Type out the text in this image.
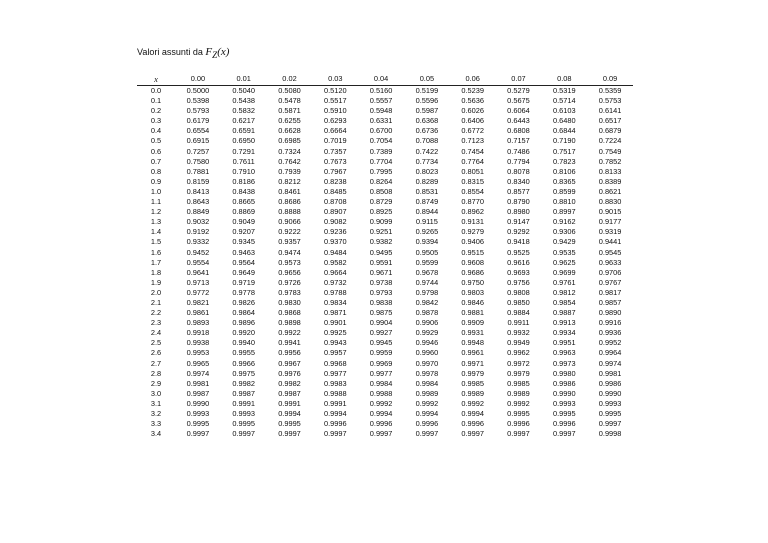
Valori assunti da $F_Z(x)$
x	0.00	0.01	0.02	0.03	0.04	0.05	0.06	0.07	0.08	0.09
0.0	0.5000	0.5040	0.5080	0.5120	0.5160	0.5199	0.5239	0.5279	0.5319	0.5359
0.1	0.5398	0.5438	0.5478	0.5517	0.5557	0.5596	0.5636	0.5675	0.5714	0.5753
0.2	0.5793	0.5832	0.5871	0.5910	0.5948	0.5987	0.6026	0.6064	0.6103	0.6141
0.3	0.6179	0.6217	0.6255	0.6293	0.6331	0.6368	0.6406	0.6443	0.6480	0.6517
0.4	0.6554	0.6591	0.6628	0.6664	0.6700	0.6736	0.6772	0.6808	0.6844	0.6879
0.5	0.6915	0.6950	0.6985	0.7019	0.7054	0.7088	0.7123	0.7157	0.7190	0.7224
0.6	0.7257	0.7291	0.7324	0.7357	0.7389	0.7422	0.7454	0.7486	0.7517	0.7549
0.7	0.7580	0.7611	0.7642	0.7673	0.7704	0.7734	0.7764	0.7794	0.7823	0.7852
0.8	0.7881	0.7910	0.7939	0.7967	0.7995	0.8023	0.8051	0.8078	0.8106	0.8133
0.9	0.8159	0.8186	0.8212	0.8238	0.8264	0.8289	0.8315	0.8340	0.8365	0.8389
1.0	0.8413	0.8438	0.8461	0.8485	0.8508	0.8531	0.8554	0.8577	0.8599	0.8621
1.1	0.8643	0.8665	0.8686	0.8708	0.8729	0.8749	0.8770	0.8790	0.8810	0.8830
1.2	0.8849	0.8869	0.8888	0.8907	0.8925	0.8944	0.8962	0.8980	0.8997	0.9015
1.3	0.9032	0.9049	0.9066	0.9082	0.9099	0.9115	0.9131	0.9147	0.9162	0.9177
1.4	0.9192	0.9207	0.9222	0.9236	0.9251	0.9265	0.9279	0.9292	0.9306	0.9319
1.5	0.9332	0.9345	0.9357	0.9370	0.9382	0.9394	0.9406	0.9418	0.9429	0.9441
1.6	0.9452	0.9463	0.9474	0.9484	0.9495	0.9505	0.9515	0.9525	0.9535	0.9545
1.7	0.9554	0.9564	0.9573	0.9582	0.9591	0.9599	0.9608	0.9616	0.9625	0.9633
1.8	0.9641	0.9649	0.9656	0.9664	0.9671	0.9678	0.9686	0.9693	0.9699	0.9706
1.9	0.9713	0.9719	0.9726	0.9732	0.9738	0.9744	0.9750	0.9756	0.9761	0.9767
2.0	0.9772	0.9778	0.9783	0.9788	0.9793	0.9798	0.9803	0.9808	0.9812	0.9817
2.1	0.9821	0.9826	0.9830	0.9834	0.9838	0.9842	0.9846	0.9850	0.9854	0.9857
2.2	0.9861	0.9864	0.9868	0.9871	0.9875	0.9878	0.9881	0.9884	0.9887	0.9890
2.3	0.9893	0.9896	0.9898	0.9901	0.9904	0.9906	0.9909	0.9911	0.9913	0.9916
2.4	0.9918	0.9920	0.9922	0.9925	0.9927	0.9929	0.9931	0.9932	0.9934	0.9936
2.5	0.9938	0.9940	0.9941	0.9943	0.9945	0.9946	0.9948	0.9949	0.9951	0.9952
2.6	0.9953	0.9955	0.9956	0.9957	0.9959	0.9960	0.9961	0.9962	0.9963	0.9964
2.7	0.9965	0.9966	0.9967	0.9968	0.9969	0.9970	0.9971	0.9972	0.9973	0.9974
2.8	0.9974	0.9975	0.9976	0.9977	0.9977	0.9978	0.9979	0.9979	0.9980	0.9981
2.9	0.9981	0.9982	0.9982	0.9983	0.9984	0.9984	0.9985	0.9985	0.9986	0.9986
3.0	0.9987	0.9987	0.9987	0.9988	0.9988	0.9989	0.9989	0.9989	0.9990	0.9990
3.1	0.9990	0.9991	0.9991	0.9991	0.9992	0.9992	0.9992	0.9992	0.9993	0.9993
3.2	0.9993	0.9993	0.9994	0.9994	0.9994	0.9994	0.9994	0.9995	0.9995	0.9995
3.3	0.9995	0.9995	0.9995	0.9996	0.9996	0.9996	0.9996	0.9996	0.9996	0.9997
3.4	0.9997	0.9997	0.9997	0.9997	0.9997	0.9997	0.9997	0.9997	0.9997	0.9998
